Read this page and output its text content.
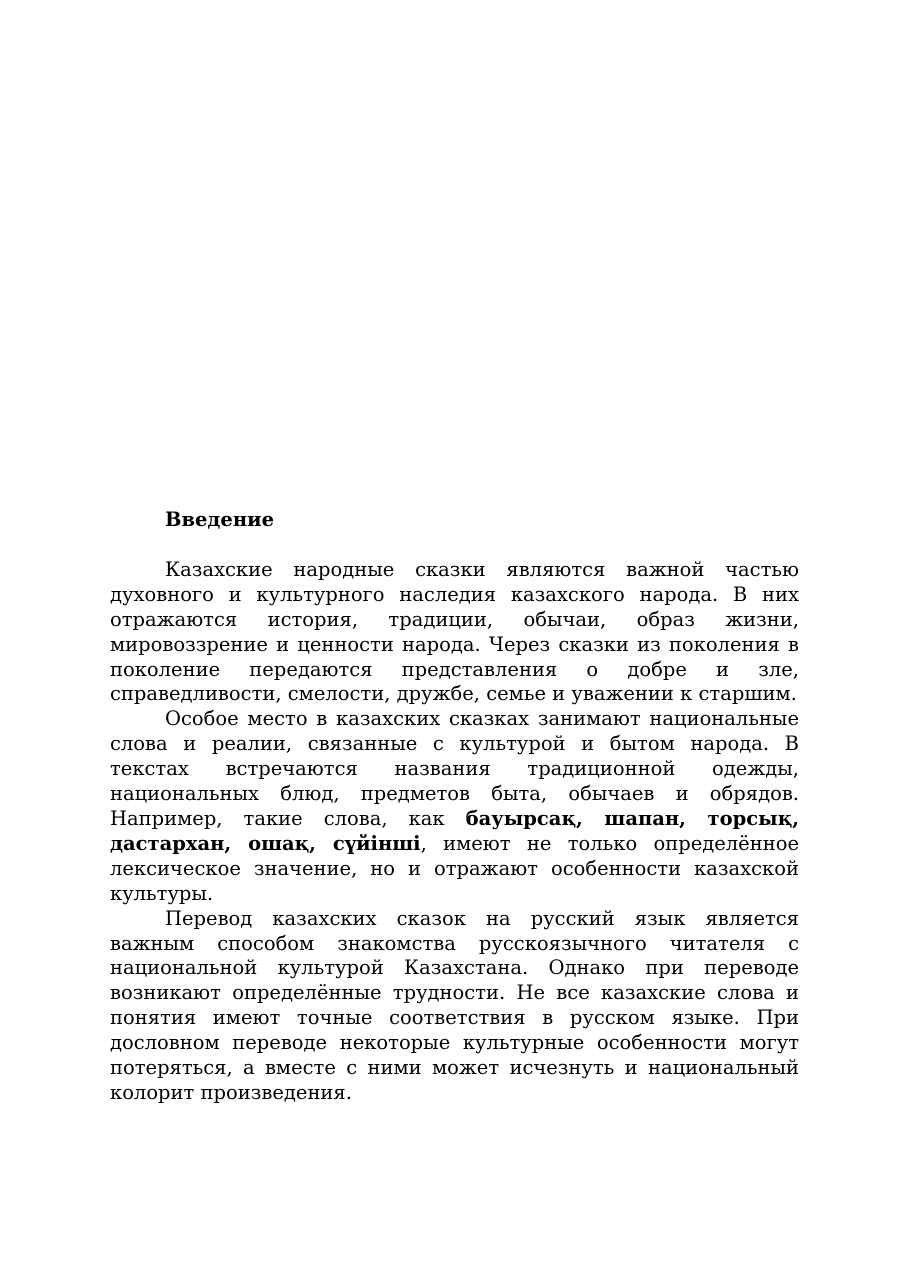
Введение

Казахские народные сказки являются важной частью духовного и культурного наследия казахского народа. В них отражаются история, традиции, обычаи, образ жизни, мировоззрение и ценности народа. Через сказки из поколения в поколение передаются представления о добре и зле, справедливости, смелости, дружбе, семье и уважении к старшим.

Особое место в казахских сказках занимают национальные слова и реалии, связанные с культурой и бытом народа. В текстах встречаются названия традиционной одежды, национальных блюд, предметов быта, обычаев и обрядов. Например, такие слова, как бауырсақ, шапан, торсық, дастархан, ошақ, сүйінші, имеют не только определённое лексическое значение, но и отражают особенности казахской культуры.

Перевод казахских сказок на русский язык является важным способом знакомства русскоязычного читателя с национальной культурой Казахстана. Однако при переводе возникают определённые трудности. Не все казахские слова и понятия имеют точные соответствия в русском языке. При дословном переводе некоторые культурные особенности могут потеряться, а вместе с ними может исчезнуть и национальный колорит произведения.
